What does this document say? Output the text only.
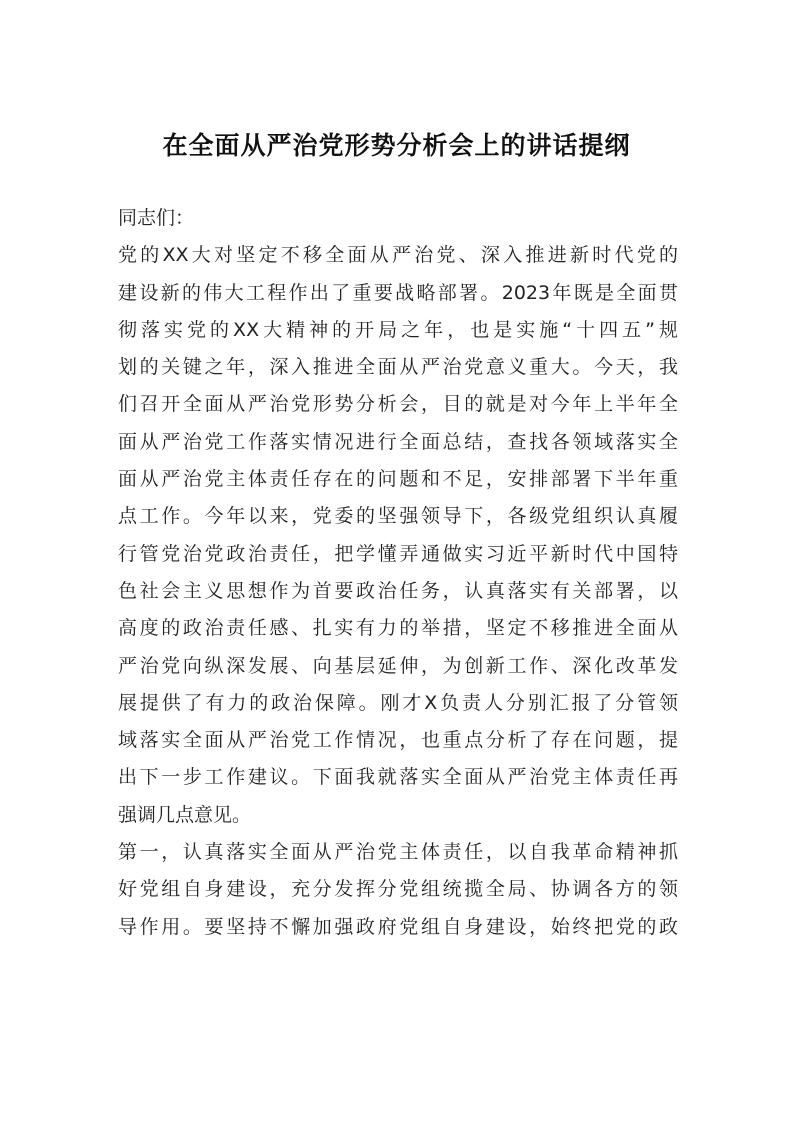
在全面从严治党形势分析会上的讲话提纲
同志们：
党的XX大对坚定不移全面从严治党、深入推进新时代党的
建设新的伟大工程作出了重要战略部署。2023年既是全面贯
彻落实党的XX大精神的开局之年，也是实施“十四五”规
划的关键之年，深入推进全面从严治党意义重大。今天，我
们召开全面从严治党形势分析会，目的就是对今年上半年全
面从严治党工作落实情况进行全面总结，查找各领域落实全
面从严治党主体责任存在的问题和不足，安排部署下半年重
点工作。今年以来，党委的坚强领导下，各级党组织认真履
行管党治党政治责任，把学懂弄通做实习近平新时代中国特
色社会主义思想作为首要政治任务，认真落实有关部署，以
高度的政治责任感、扎实有力的举措，坚定不移推进全面从
严治党向纵深发展、向基层延伸，为创新工作、深化改革发
展提供了有力的政治保障。刚才X负责人分别汇报了分管领
域落实全面从严治党工作情况，也重点分析了存在问题，提
出下一步工作建议。下面我就落实全面从严治党主体责任再
强调几点意见。
第一，认真落实全面从严治党主体责任，以自我革命精神抓
好党组自身建设，充分发挥分党组统揽全局、协调各方的领
导作用。要坚持不懈加强政府党组自身建设，始终把党的政
